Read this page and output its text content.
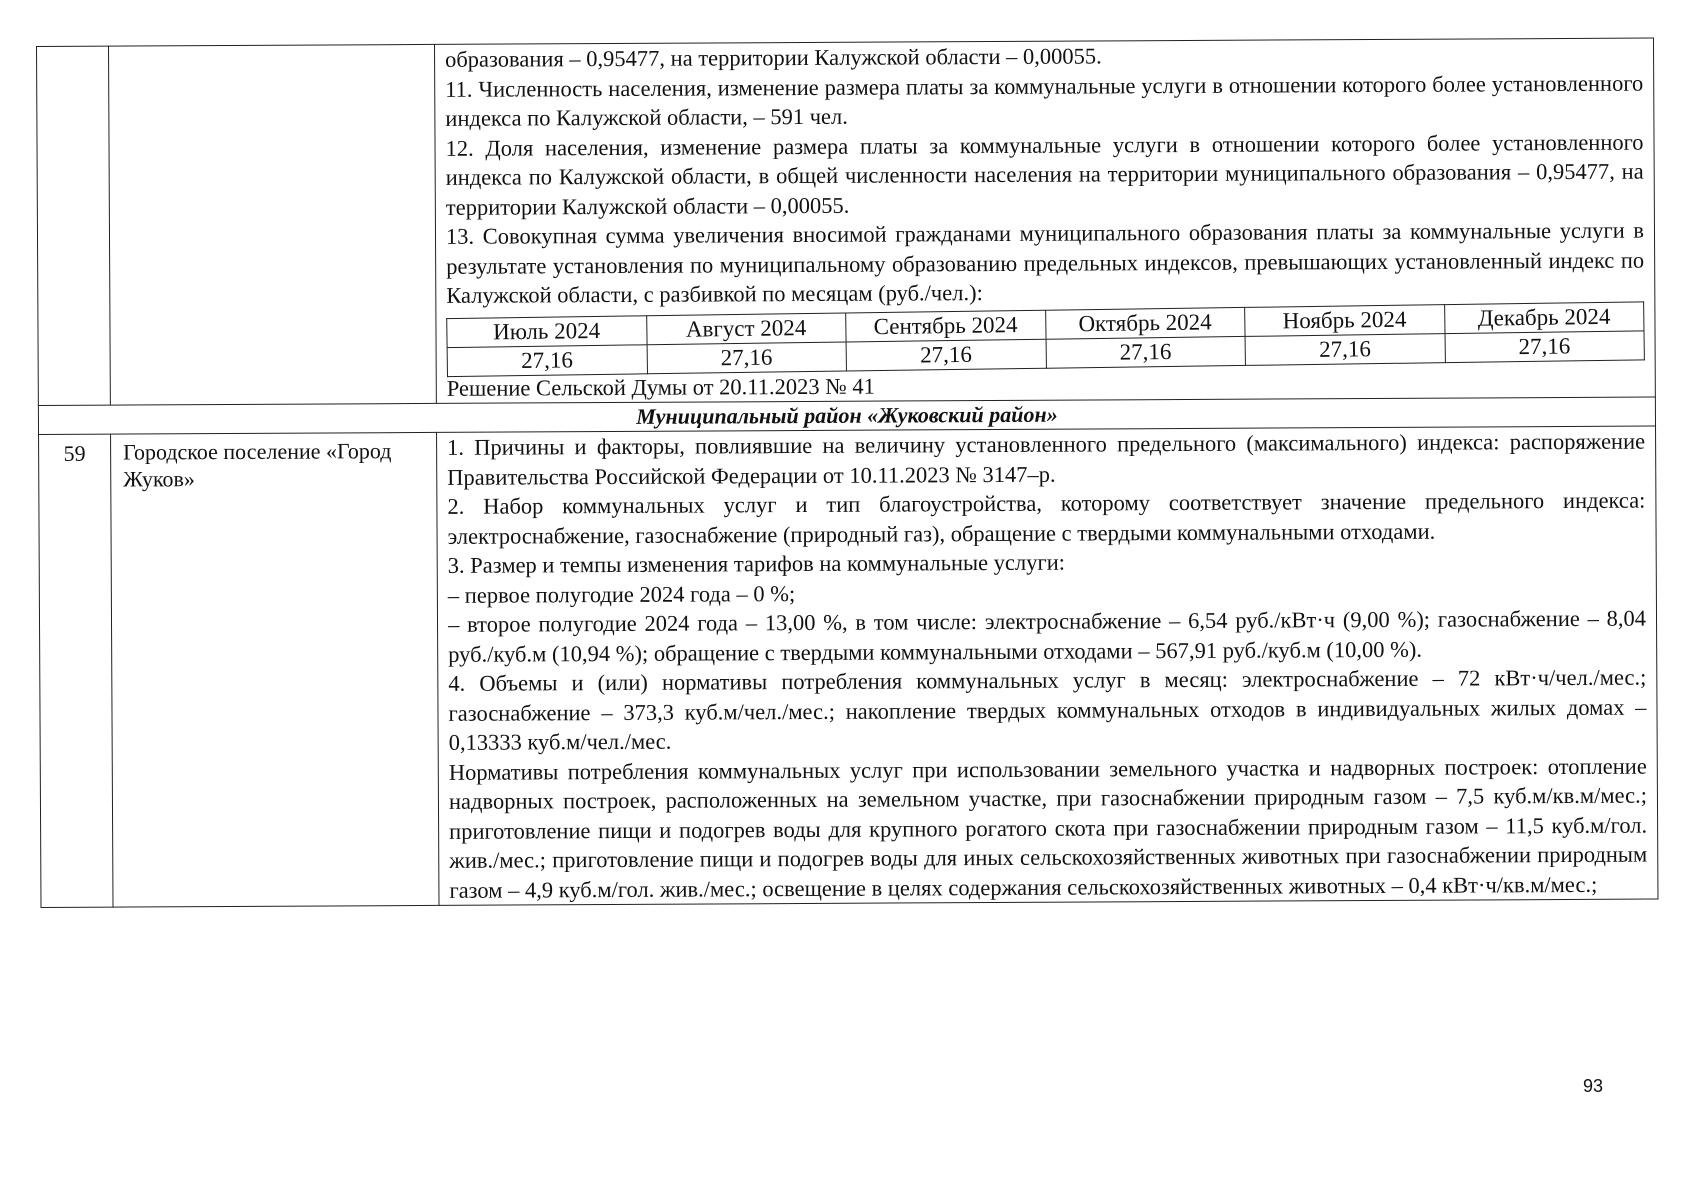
образования – 0,95477, на территории Калужской области – 0,00055.

11. Численность населения, изменение размера платы за коммунальные услуги в отношении которого более установленного индекса по Калужской области, – 591 чел.

12. Доля населения, изменение размера платы за коммунальные услуги в отношении которого более установленного индекса по Калужской области, в общей численности населения на территории муниципального образования – 0,95477, на территории Калужской области – 0,00055.

13. Совокупная сумма увеличения вносимой гражданами муниципального образования платы за коммунальные услуги в результате установления по муниципальному образованию предельных индексов, превышающих установленный индекс по Калужской области, с разбивкой по месяцам (руб./чел.):

Июль 2024	Август 2024	Сентябрь 2024	Октябрь 2024	Ноябрь 2024	Декабрь 2024
27,16	27,16	27,16	27,16	27,16	27,16

Решение Сельской Думы от 20.11.2023 № 41

Муниципальный район «Жуковский район»
59	Городское поселение «Город Жуков»	

1. Причины и факторы, повлиявшие на величину установленного предельного (максимального) индекса: распоряжение Правительства Российской Федерации от 10.11.2023 № 3147–р.

2. Набор коммунальных услуг и тип благоустройства, которому соответствует значение предельного индекса: электроснабжение, газоснабжение (природный газ), обращение с твердыми коммунальными отходами.

3. Размер и темпы изменения тарифов на коммунальные услуги:

– первое полугодие 2024 года – 0 %;

– второе полугодие 2024 года – 13,00 %, в том числе: электроснабжение – 6,54 руб./кВт·ч (9,00 %); газоснабжение – 8,04 руб./куб.м (10,94 %); обращение с твердыми коммунальными отходами – 567,91 руб./куб.м (10,00 %).

4. Объемы и (или) нормативы потребления коммунальных услуг в месяц: электроснабжение – 72 кВт·ч/чел./мес.; газоснабжение – 373,3 куб.м/чел./мес.; накопление твердых коммунальных отходов в индивидуальных жилых домах – 0,13333 куб.м/чел./мес.

Нормативы потребления коммунальных услуг при использовании земельного участка и надворных построек: отопление надворных построек, расположенных на земельном участке, при газоснабжении природным газом – 7,5 куб.м/кв.м/мес.; приготовление пищи и подогрев воды для крупного рогатого скота при газоснабжении природным газом – 11,5 куб.м/гол. жив./мес.; приготовление пищи и подогрев воды для иных сельскохозяйственных животных при газоснабжении природным газом – 4,9 куб.м/гол. жив./мес.; освещение в целях содержания сельскохозяйственных животных – 0,4 кВт·ч/кв.м/мес.;

93
